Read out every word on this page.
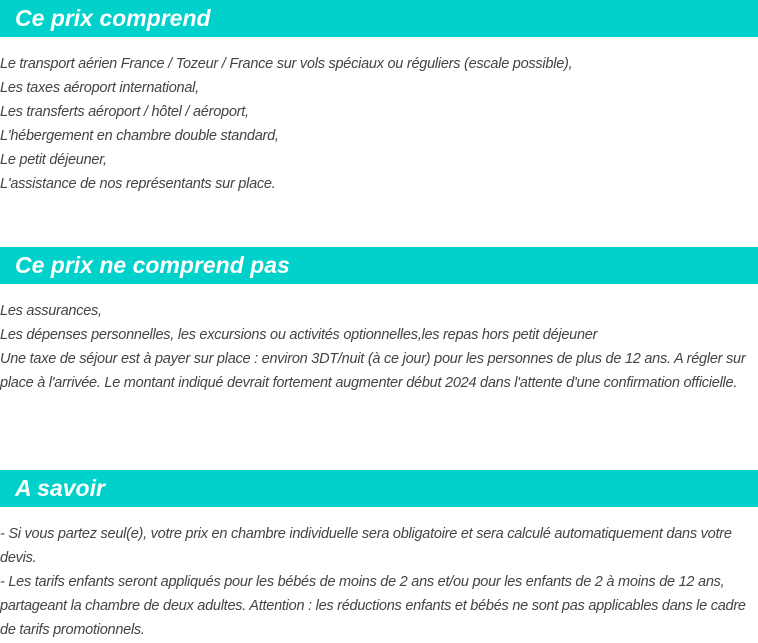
Ce prix comprend
Le transport aérien France / Tozeur / France sur vols spéciaux ou réguliers (escale possible),
Les taxes aéroport international,
Les transferts aéroport / hôtel / aéroport,
L'hébergement en chambre double standard,
Le petit déjeuner,
L'assistance de nos représentants sur place.
Ce prix ne comprend pas
Les assurances,
Les dépenses personnelles, les excursions ou activités optionnelles,les repas hors petit déjeuner
Une taxe de séjour est à payer sur place : environ 3DT/nuit (à ce jour) pour les personnes de plus de 12 ans. A régler sur place à l'arrivée. Le montant indiqué devrait fortement augmenter début 2024 dans l'attente d'une confirmation officielle.
A savoir
- Si vous partez seul(e), votre prix en chambre individuelle sera obligatoire et sera calculé automatiquement dans votre devis.
- Les tarifs enfants seront appliqués pour les bébés de moins de 2 ans et/ou pour les enfants de 2 à moins de 12 ans, partageant la chambre de deux adultes. Attention : les réductions enfants et bébés ne sont pas applicables dans le cadre de tarifs promotionnels.
